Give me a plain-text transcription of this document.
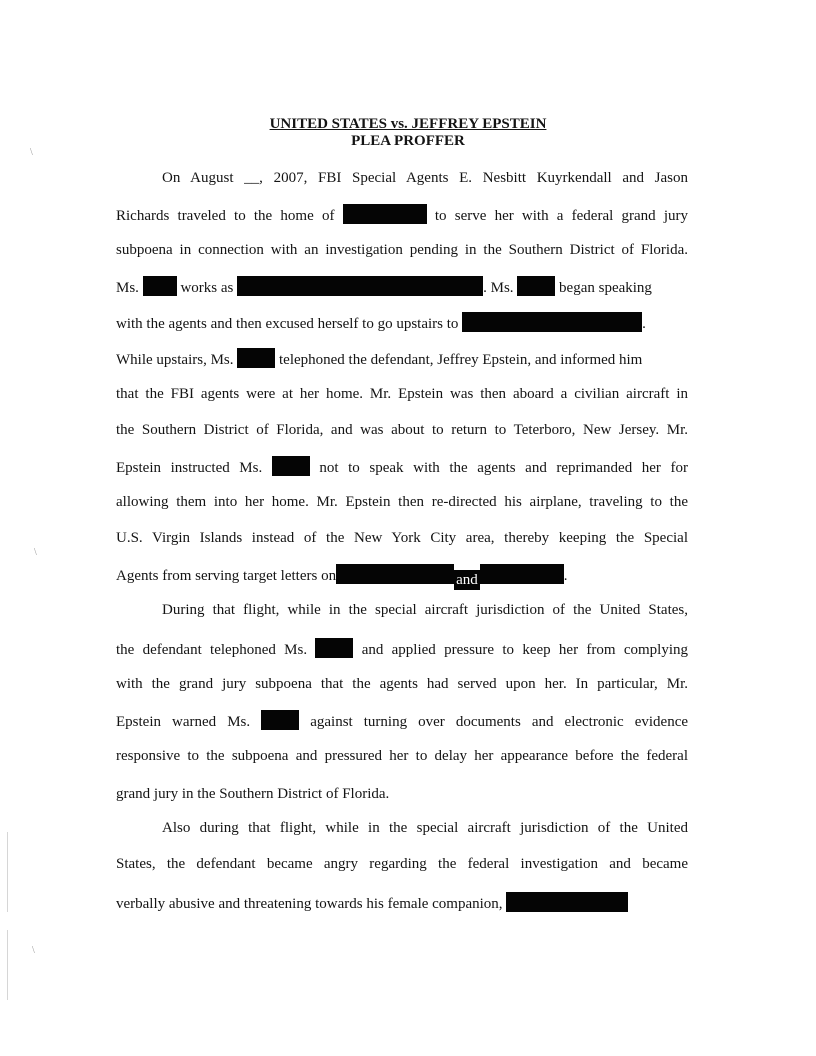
\
\
\
UNITED STATES vs. JEFFREY EPSTEIN
PLEA PROFFER
On August __, 2007, FBI Special Agents E. Nesbitt Kuyrkendall and Jason
Richards traveled to the home of	to serve her with a federal grand jury
subpoena in connection with an investigation pending in the Southern District of Florida.
Ms.	works as	. Ms.	began speaking
with the agents and then excused herself to go upstairs to	.
While upstairs, Ms.	telephoned the defendant, Jeffrey Epstein, and informed him
that the FBI agents were at her home. Mr. Epstein was then aboard a civilian aircraft in
the Southern District of Florida, and was about to return to Teterboro, New Jersey. Mr.
Epstein instructed Ms.	not to speak with the agents and reprimanded her for
allowing them into her home. Mr. Epstein then re-directed his airplane, traveling to the
U.S. Virgin Islands instead of the New York City area, thereby keeping the Special
Agents from serving target letters on	and	.
During that flight, while in the special aircraft jurisdiction of the United States,
the defendant telephoned Ms.	and applied pressure to keep her from complying
with the grand jury subpoena that the agents had served upon her. In particular, Mr.
Epstein warned Ms.	against turning over documents and electronic evidence
responsive to the subpoena and pressured her to delay her appearance before the federal
grand jury in the Southern District of Florida.
Also during that flight, while in the special aircraft jurisdiction of the United
States, the defendant became angry regarding the federal investigation and became
verbally abusive and threatening towards his female companion,
